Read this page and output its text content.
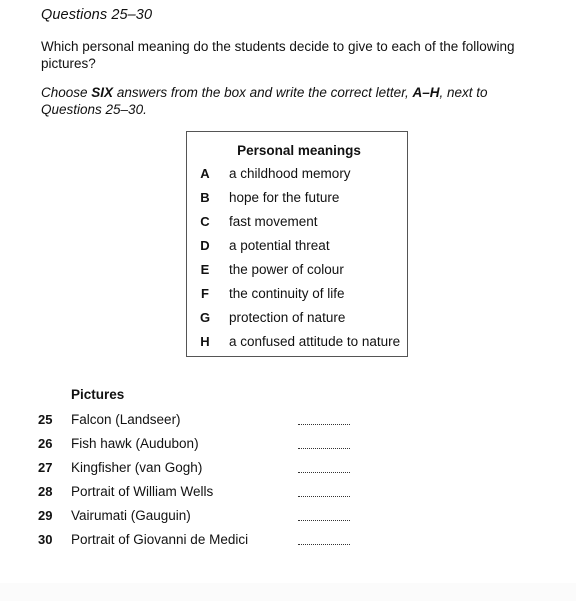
Questions 25–30
Which personal meaning do the students decide to give to each of the following pictures?
Choose SIX answers from the box and write the correct letter, A–H, next to Questions 25–30.
Personal meanings
A a childhood memory
B hope for the future
C fast movement
D a potential threat
E the power of colour
F the continuity of life
G protection of nature
H a confused attitude to nature
Pictures
25	Falcon (Landseer)
26	Fish hawk (Audubon)
27	Kingfisher (van Gogh)
28	Portrait of William Wells
29	Vairumati (Gauguin)
30	Portrait of Giovanni de Medici
